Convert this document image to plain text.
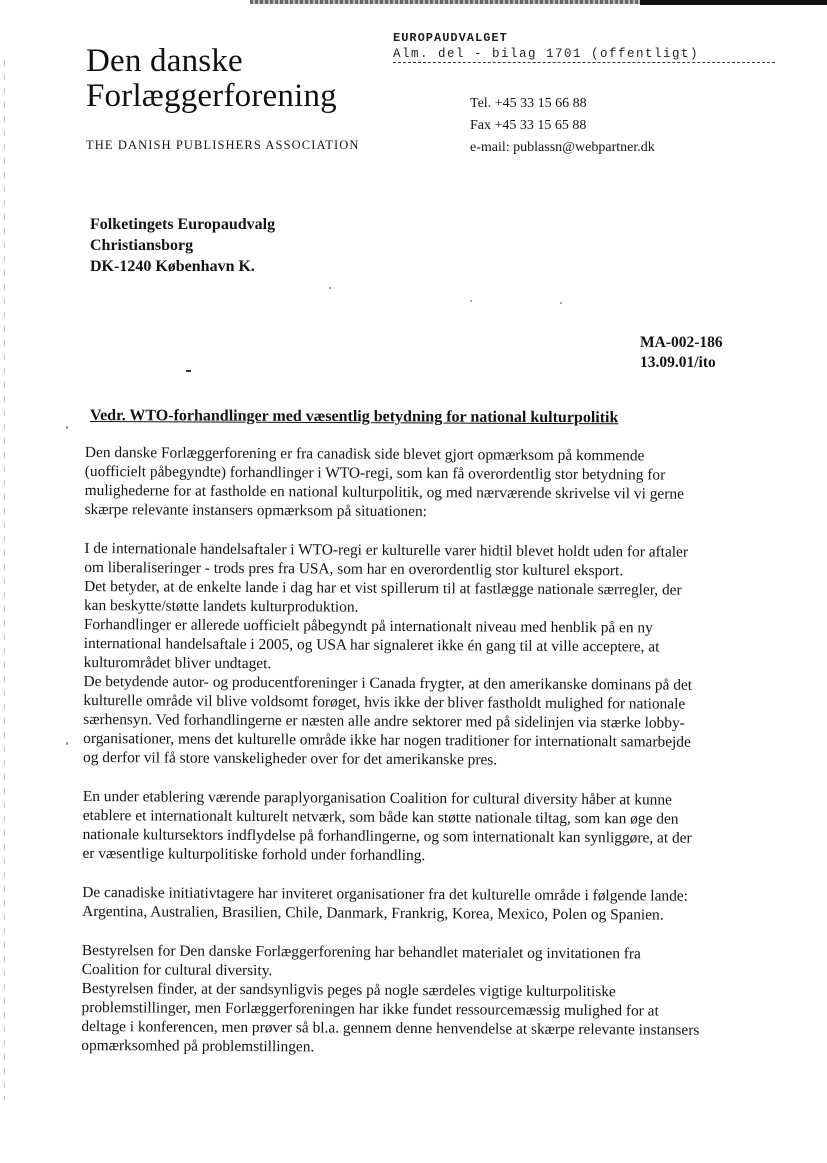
Den danske
Forlæggerforening
THE DANISH PUBLISHERS ASSOCIATION
EUROPAUDVALGET
Alm. del - bilag 1701 (offentligt)
Tel. +45 33 15 66 88
Fax +45 33 15 65 88
e-mail: publassn@webpartner.dk
Folketingets Europaudvalg
Christiansborg
DK-1240 København K.
MA-002-186
13.09.01/ito
Vedr. WTO-forhandlinger med væsentlig betydning for national kulturpolitik
Den danske Forlæggerforening er fra canadisk side blevet gjort opmærksom på kommende
(uofficielt påbegyndte) forhandlinger i WTO-regi, som kan få overordentlig stor betydning for
mulighederne for at fastholde en national kulturpolitik, og med nærværende skrivelse vil vi gerne
skærpe relevante instansers opmærksom på situationen:
I de internationale handelsaftaler i WTO-regi er kulturelle varer hidtil blevet holdt uden for aftaler
om liberaliseringer - trods pres fra USA, som har en overordentlig stor kulturel eksport.
Det betyder, at de enkelte lande i dag har et vist spillerum til at fastlægge nationale særregler, der
kan beskytte/støtte landets kulturproduktion.
Forhandlinger er allerede uofficielt påbegyndt på internationalt niveau med henblik på en ny
international handelsaftale i 2005, og USA har signaleret ikke én gang til at ville acceptere, at
kulturområdet bliver undtaget.
De betydende autor- og producentforeninger i Canada frygter, at den amerikanske dominans på det
kulturelle område vil blive voldsomt forøget, hvis ikke der bliver fastholdt mulighed for nationale
særhensyn. Ved forhandlingerne er næsten alle andre sektorer med på sidelinjen via stærke lobby-
organisationer, mens det kulturelle område ikke har nogen traditioner for internationalt samarbejde
og derfor vil få store vanskeligheder over for det amerikanske pres.
En under etablering værende paraplyorganisation Coalition for cultural diversity håber at kunne
etablere et internationalt kulturelt netværk, som både kan støtte nationale tiltag, som kan øge den
nationale kultursektors indflydelse på forhandlingerne, og som internationalt kan synliggøre, at der
er væsentlige kulturpolitiske forhold under forhandling.
De canadiske initiativtagere har inviteret organisationer fra det kulturelle område i følgende lande:
Argentina, Australien, Brasilien, Chile, Danmark, Frankrig, Korea, Mexico, Polen og Spanien.
Bestyrelsen for Den danske Forlæggerforening har behandlet materialet og invitationen fra
Coalition for cultural diversity.
Bestyrelsen finder, at der sandsynligvis peges på nogle særdeles vigtige kulturpolitiske
problemstillinger, men Forlæggerforeningen har ikke fundet ressourcemæssig mulighed for at
deltage i konferencen, men prøver så bl.a. gennem denne henvendelse at skærpe relevante instansers
opmærksomhed på problemstillingen.
